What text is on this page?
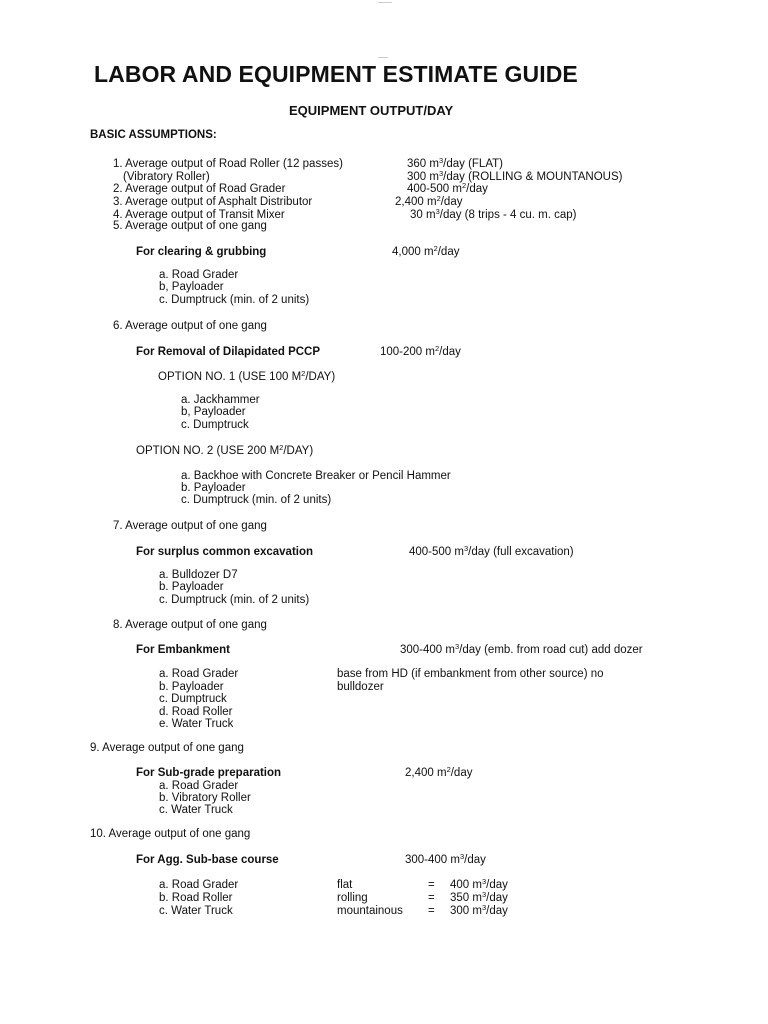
LABOR AND EQUIPMENT ESTIMATE GUIDE
EQUIPMENT OUTPUT/DAY
BASIC ASSUMPTIONS:
1. Average output of Road Roller (12 passes)	360 $m^3$/day (FLAT)
(Vibratory Roller)	300 $m^3$/day (ROLLING & MOUNTANOUS)
2. Average output of Road Grader	400-500 $m^2$/day
3. Average output of Asphalt Distributor	2,400 $m^2$/day
4. Average output of Transit Mixer	30 $m^3$/day (8 trips - 4 cu. m. cap)
5. Average output of one gang
For clearing & grubbing	4,000 $m^2$/day
a. Road Grader
b, Payloader
c. Dumptruck (min. of 2 units)
6. Average output of one gang
For Removal of Dilapidated PCCP	100-200 $m^2$/day
OPTION NO. 1 (USE 100 $M^2/DAY$)
a. Jackhammer
b, Payloader
c. Dumptruck
OPTION NO. 2 (USE 200 $M^2/DAY$)
a. Backhoe with Concrete Breaker or Pencil Hammer
b. Payloader
c. Dumptruck (min. of 2 units)
7. Average output of one gang
For surplus common excavation	400-500 $m^3$/day (full excavation)
a. Bulldozer D7
b. Payloader
c. Dumptruck (min. of 2 units)
8. Average output of one gang
For Embankment	300-400 $m^3$/day (emb. from road cut) add dozer
a. Road Grader	base from HD (if embankment from other source) no
b. Payloader	bulldozer
c. Dumptruck
d. Road Roller
e. Water Truck
9. Average output of one gang
For Sub-grade preparation	2,400 $m^2$/day
a. Road Grader
b. Vibratory Roller
c. Water Truck
10. Average output of one gang
For Agg. Sub-base course	300-400 $m^3$/day
a. Road Grader	flat	= 400 $m^3$/day
b. Road Roller	rolling	= 350 $m^3$/day
c. Water Truck	mountainous = 300 $m^3$/day
